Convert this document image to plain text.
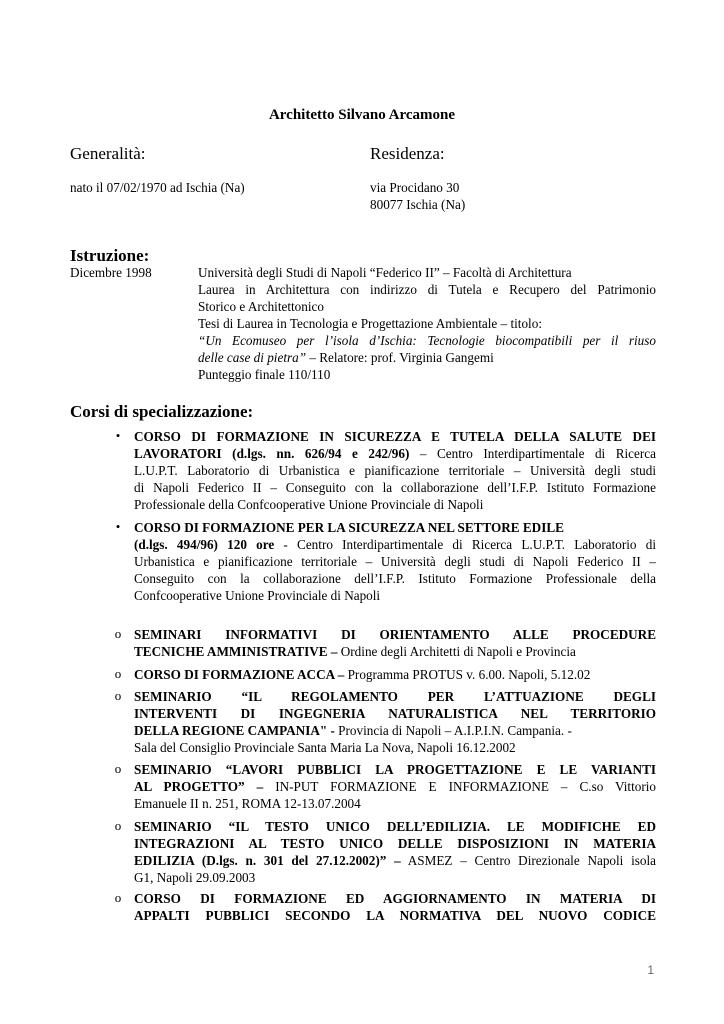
Architetto Silvano Arcamone
Generalità:	Residenza:
nato il 07/02/1970 ad Ischia (Na)	via Procidano 30
80077 Ischia (Na)
Istruzione:
Dicembre 1998	Università degli Studi di Napoli “Federico II” – Facoltà di Architettura
Laurea in Architettura con indirizzo di Tutela e Recupero del Patrimonio
Storico e Architettonico
Tesi di Laurea in Tecnologia e Progettazione Ambientale – titolo:
“Un Ecomuseo per l’isola d’Ischia: Tecnologie biocompatibili per il riuso
delle case di pietra” – Relatore: prof. Virginia Gangemi
Punteggio finale 110/110
Corsi di specializzazione:
• CORSO DI FORMAZIONE IN SICUREZZA E TUTELA DELLA SALUTE DEI
LAVORATORI (d.lgs. nn. 626/94 e 242/96) – Centro Interdipartimentale di Ricerca
L.U.P.T. Laboratorio di Urbanistica e pianificazione territoriale – Università degli studi
di Napoli Federico II – Conseguito con la collaborazione dell’I.F.P. Istituto Formazione
Professionale della Confcooperative Unione Provinciale di Napoli
• CORSO DI FORMAZIONE PER LA SICUREZZA NEL SETTORE EDILE
(d.lgs. 494/96) 120 ore - Centro Interdipartimentale di Ricerca L.U.P.T. Laboratorio di
Urbanistica e pianificazione territoriale – Università degli studi di Napoli Federico II –
Conseguito con la collaborazione dell’I.F.P. Istituto Formazione Professionale della
Confcooperative Unione Provinciale di Napoli
o SEMINARI INFORMATIVI DI ORIENTAMENTO ALLE PROCEDURE
TECNICHE AMMINISTRATIVE – Ordine degli Architetti di Napoli e Provincia
o CORSO DI FORMAZIONE ACCA – Programma PROTUS v. 6.00. Napoli, 5.12.02
o SEMINARIO “IL REGOLAMENTO PER L’ATTUAZIONE DEGLI
INTERVENTI DI INGEGNERIA NATURALISTICA NEL TERRITORIO
DELLA REGIONE CAMPANIA" - Provincia di Napoli – A.I.P.I.N. Campania. -
Sala del Consiglio Provinciale Santa Maria La Nova, Napoli 16.12.2002
o SEMINARIO “LAVORI PUBBLICI LA PROGETTAZIONE E LE VARIANTI
AL PROGETTO” – IN-PUT FORMAZIONE E INFORMAZIONE – C.so Vittorio
Emanuele II n. 251, ROMA 12-13.07.2004
o SEMINARIO “IL TESTO UNICO DELL’EDILIZIA. LE MODIFICHE ED
INTEGRAZIONI AL TESTO UNICO DELLE DISPOSIZIONI IN MATERIA
EDILIZIA (D.lgs. n. 301 del 27.12.2002)” – ASMEZ – Centro Direzionale Napoli isola
G1, Napoli 29.09.2003
o CORSO DI FORMAZIONE ED AGGIORNAMENTO IN MATERIA DI
APPALTI PUBBLICI SECONDO LA NORMATIVA DEL NUOVO CODICE
1
